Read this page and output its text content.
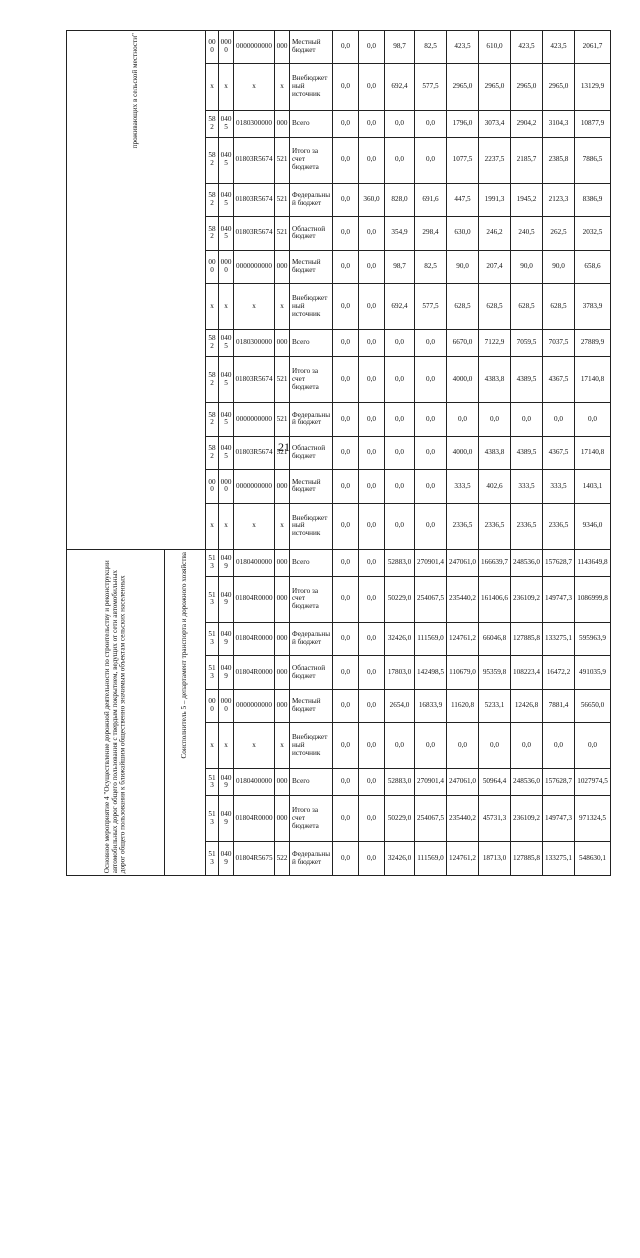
21
проживающих в сельской местности"		000	0000	0000000000	000	Местный бюджет	0,0	0,0	98,7	82,5	423,5	610,0	423,5	423,5	2061,7
		x	x	x	x	Внебюджетный источник	0,0	0,0	692,4	577,5	2965,0	2965,0	2965,0	2965,0	13129,9
		582	0405	0180300000	000	Всего	0,0	0,0	0,0	0,0	1796,0	3073,4	2904,2	3104,3	10877,9
		582	0405	01803R5674	521	Итого за счет бюджета	0,0	0,0	0,0	0,0	1077,5	2237,5	2185,7	2385,8	7886,5
		582	0405	01803R5674	521	Федеральный бюджет	0,0	360,0	828,0	691,6	447,5	1991,3	1945,2	2123,3	8386,9
		582	0405	01803R5674	521	Областной бюджет	0,0	0,0	354,9	298,4	630,0	246,2	240,5	262,5	2032,5
		000	0000	0000000000	000	Местный бюджет	0,0	0,0	98,7	82,5	90,0	207,4	90,0	90,0	658,6
		x	x	x	x	Внебюджетный источник	0,0	0,0	692,4	577,5	628,5	628,5	628,5	628,5	3783,9
		582	0405	0180300000	000	Всего	0,0	0,0	0,0	0,0	6670,0	7122,9	7059,5	7037,5	27889,9
		582	0405	01803R5674	521	Итого за счет бюджета	0,0	0,0	0,0	0,0	4000,0	4383,8	4389,5	4367,5	17140,8
		582	0405	0000000000	521	Федеральный бюджет	0,0	0,0	0,0	0,0	0,0	0,0	0,0	0,0	0,0
		582	0405	01803R5674	521	Областной бюджет	0,0	0,0	0,0	0,0	4000,0	4383,8	4389,5	4367,5	17140,8
		000	0000	0000000000	000	Местный бюджет	0,0	0,0	0,0	0,0	333,5	402,6	333,5	333,5	1403,1
		x	x	x	x	Внебюджетный источник	0,0	0,0	0,0	0,0	2336,5	2336,5	2336,5	2336,5	9346,0
Основное мероприятие 4 "Осуществление дорожной деятельности по строительству и реконструкции автомобильных дорог общего пользования с твердым покрытием, ведущих от сети автомобильных дорог общего пользования к ближайшим общественно значимым объектам сельских населенных	Соисполнитель 5 – департамент транспорта и дорожного хозяйства	513	0409	0180400000	000	Всего	0,0	0,0	52883,0	270901,4	247061,0	166639,7	248536,0	157628,7	1143649,8
		513	0409	01804R0000	000	Итого за счет бюджета	0,0	0,0	50229,0	254067,5	235440,2	161406,6	236109,2	149747,3	1086999,8
		513	0409	01804R0000	000	Федеральный бюджет	0,0	0,0	32426,0	111569,0	124761,2	66046,8	127885,8	133275,1	595963,9
		513	0409	01804R0000	000	Областной бюджет	0,0	0,0	17803,0	142498,5	110679,0	95359,8	108223,4	16472,2	491035,9
		000	0000	0000000000	000	Местный бюджет	0,0	0,0	2654,0	16833,9	11620,8	5233,1	12426,8	7881,4	56650,0
		x	x	x	x	Внебюджетный источник	0,0	0,0	0,0	0,0	0,0	0,0	0,0	0,0	0,0
		513	0409	0180400000	000	Всего	0,0	0,0	52883,0	270901,4	247061,0	50964,4	248536,0	157628,7	1027974,5
		513	0409	01804R0000	000	Итого за счет бюджета	0,0	0,0	50229,0	254067,5	235440,2	45731,3	236109,2	149747,3	971324,5
		513	0409	01804R5675	522	Федеральный бюджет	0,0	0,0	32426,0	111569,0	124761,2	18713,0	127885,8	133275,1	548630,1
